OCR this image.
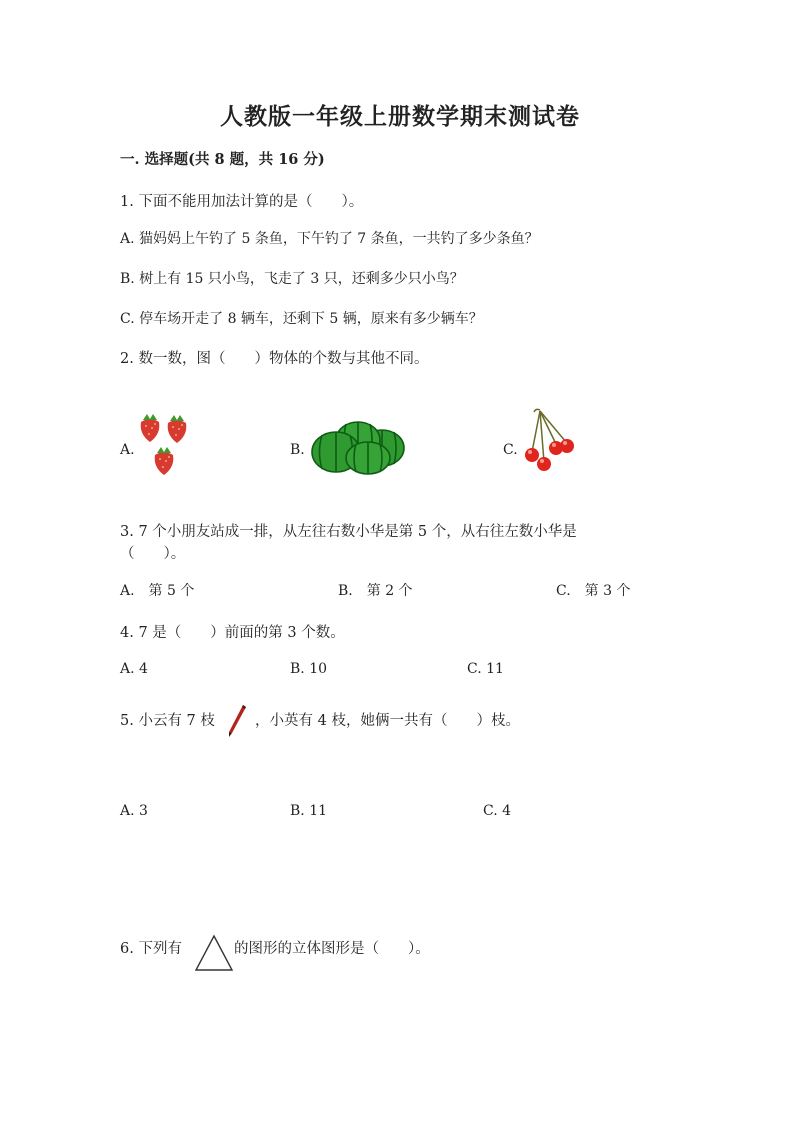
人教版一年级上册数学期末测试卷
一. 选择题(共 8 题，共 16 分)
1. 下面不能用加法计算的是（　　）。
A. 猫妈妈上午钓了 5 条鱼，下午钓了 7 条鱼，一共钓了多少条鱼？
B. 树上有 15 只小鸟，飞走了 3 只，还剩多少只小鸟？
C. 停车场开走了 8 辆车，还剩下 5 辆，原来有多少辆车？
2. 数一数，图（　　）物体的个数与其他不同。
A.	B.	C.
3. 7 个小朋友站成一排，从左往右数小华是第 5 个，从右往左数小华是
（　　）。
A.　第 5 个	B.　第 2 个	C.　第 3 个
4. 7 是（　　）前面的第 3 个数。
A. 4	B. 10	C. 11
5. 小云有 7 枝	，小英有 4 枝，她俩一共有（　　）枝。
A. 3	B. 11	C. 4
6. 下列有	的图形的立体图形是（　　）。
